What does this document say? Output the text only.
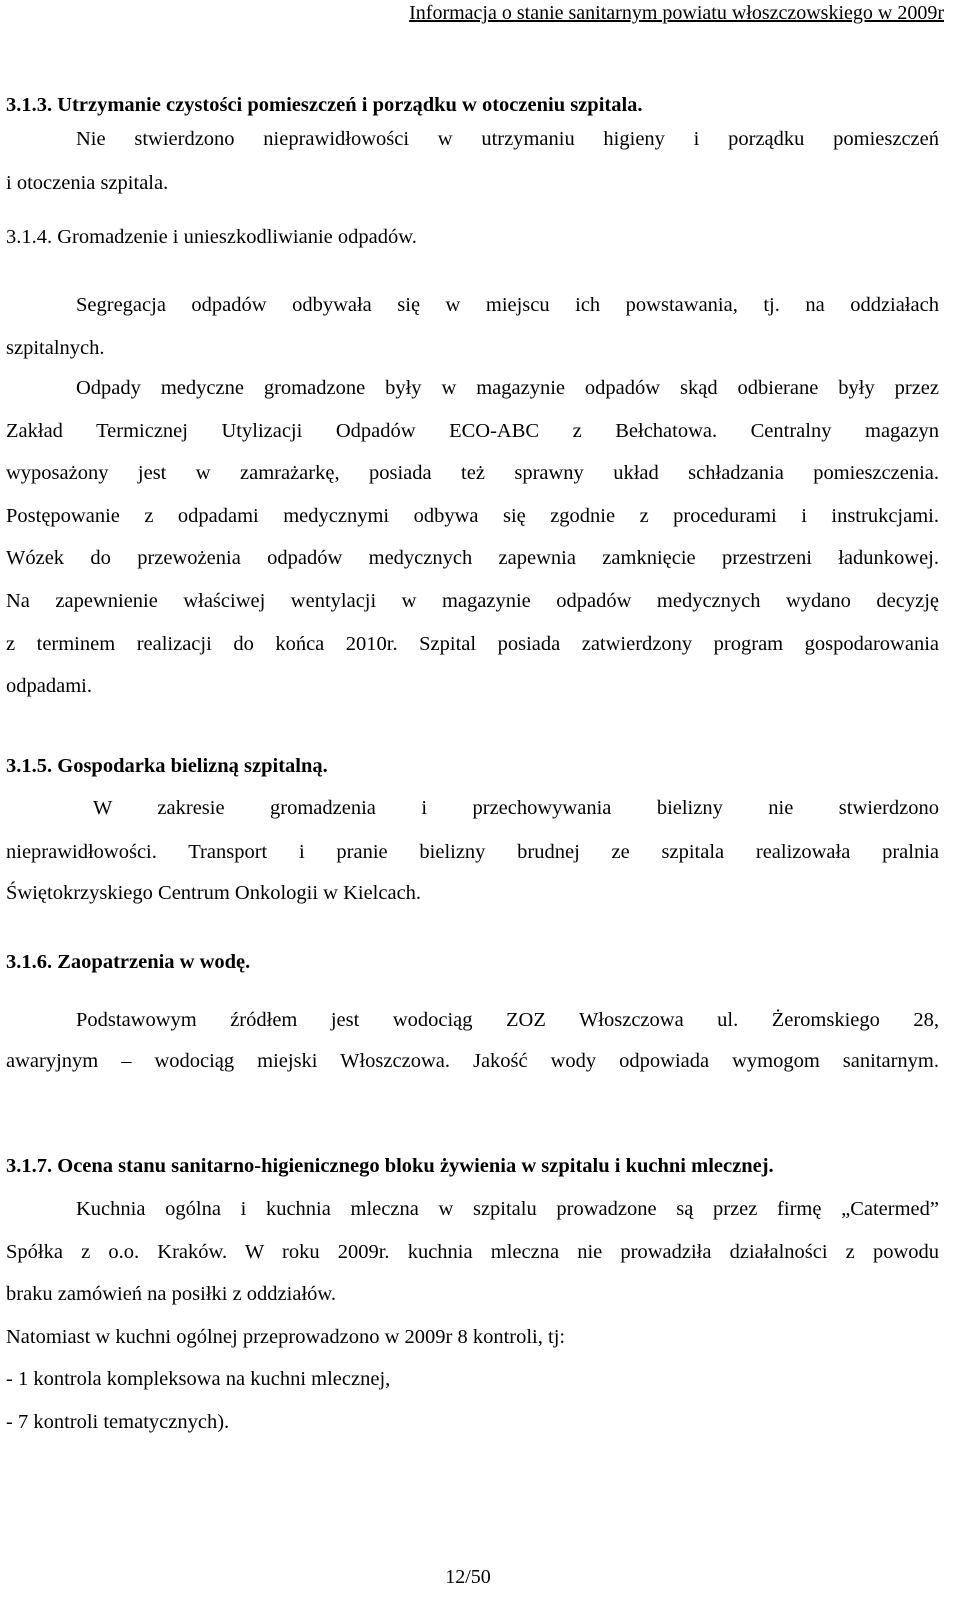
Informacja o stanie sanitarnym powiatu włoszczowskiego w 2009r
3.1.3. Utrzymanie czystości pomieszczeń i porządku w otoczeniu szpitala.
Nie stwierdzono nieprawidłowości w utrzymaniu higieny i porządku pomieszczeń
i otoczenia szpitala.
3.1.4. Gromadzenie i unieszkodliwianie odpadów.
Segregacja odpadów odbywała się w miejscu ich powstawania, tj. na oddziałach
szpitalnych.
Odpady medyczne gromadzone były w magazynie odpadów skąd odbierane były przez
Zakład Termicznej Utylizacji Odpadów ECO-ABC z Bełchatowa. Centralny magazyn
wyposażony jest w zamrażarkę, posiada też sprawny układ schładzania pomieszczenia.
Postępowanie z odpadami medycznymi odbywa się zgodnie z procedurami i instrukcjami.
Wózek do przewożenia odpadów medycznych zapewnia zamknięcie przestrzeni ładunkowej.
Na zapewnienie właściwej wentylacji w magazynie odpadów medycznych wydano decyzję
z terminem realizacji do końca 2010r. Szpital posiada zatwierdzony program gospodarowania
odpadami.
3.1.5. Gospodarka bielizną szpitalną.
W zakresie gromadzenia i przechowywania bielizny nie stwierdzono
nieprawidłowości. Transport i pranie bielizny brudnej ze szpitala realizowała pralnia
Świętokrzyskiego Centrum Onkologii w Kielcach.
3.1.6. Zaopatrzenia w wodę.
Podstawowym źródłem jest wodociąg ZOZ Włoszczowa ul. Żeromskiego 28,
awaryjnym – wodociąg miejski Włoszczowa. Jakość wody odpowiada wymogom sanitarnym.
3.1.7. Ocena stanu sanitarno-higienicznego bloku żywienia w szpitalu i kuchni mlecznej.
Kuchnia ogólna i kuchnia mleczna w szpitalu prowadzone są przez firmę „Catermed”
Spółka z o.o. Kraków. W roku 2009r. kuchnia mleczna nie prowadziła działalności z powodu
braku zamówień na posiłki z oddziałów.
Natomiast w kuchni ogólnej przeprowadzono w 2009r 8 kontroli, tj:
- 1 kontrola kompleksowa na kuchni mlecznej,
- 7 kontroli tematycznych).
12/50
